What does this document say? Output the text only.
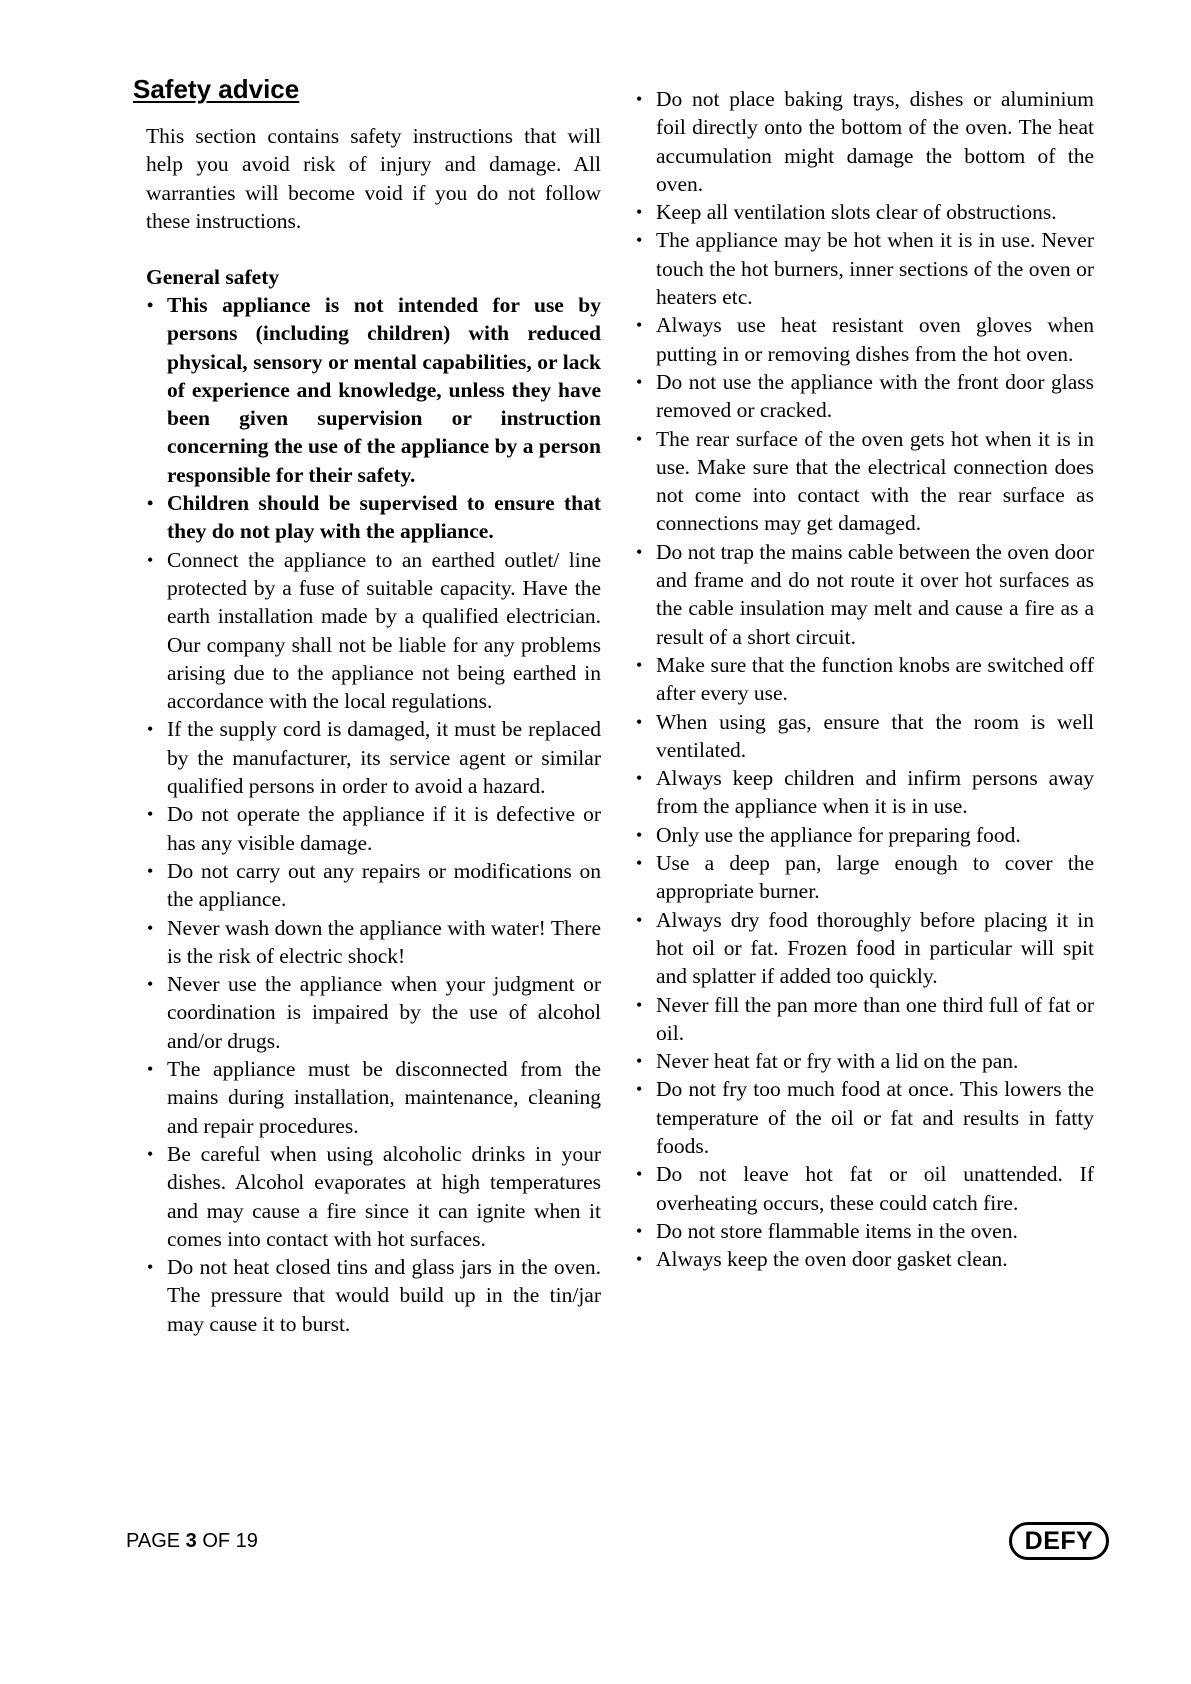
Safety advice

This section contains safety instructions that will help you avoid risk of injury and damage. All warranties will become void if you do not follow these instructions.

General safety

• This appliance is not intended for use by persons (including children) with reduced physical, sensory or mental capabilities, or lack of experience and knowledge, unless they have been given supervision or instruction concerning the use of the appliance by a person responsible for their safety.
• Children should be supervised to ensure that they do not play with the appliance.
• Connect the appliance to an earthed outlet/ line protected by a fuse of suitable capacity. Have the earth installation made by a qualified electrician. Our company shall not be liable for any problems arising due to the appliance not being earthed in accordance with the local regulations.
• If the supply cord is damaged, it must be replaced by the manufacturer, its service agent or similar qualified persons in order to avoid a hazard.
• Do not operate the appliance if it is defective or has any visible damage.
• Do not carry out any repairs or modifications on the appliance.
• Never wash down the appliance with water! There is the risk of electric shock!
• Never use the appliance when your judgment or coordination is impaired by the use of alcohol and/or drugs.
• The appliance must be disconnected from the mains during installation, maintenance, cleaning and repair procedures.
• Be careful when using alcoholic drinks in your dishes. Alcohol evaporates at high temperatures and may cause a fire since it can ignite when it comes into contact with hot surfaces.
• Do not heat closed tins and glass jars in the oven. The pressure that would build up in the tin/jar may cause it to burst.
• Do not place baking trays, dishes or aluminium foil directly onto the bottom of the oven. The heat accumulation might damage the bottom of the oven.
• Keep all ventilation slots clear of obstructions.
• The appliance may be hot when it is in use. Never touch the hot burners, inner sections of the oven or heaters etc.
• Always use heat resistant oven gloves when putting in or removing dishes from the hot oven.
• Do not use the appliance with the front door glass removed or cracked.
• The rear surface of the oven gets hot when it is in use. Make sure that the electrical connection does not come into contact with the rear surface as connections may get damaged.
• Do not trap the mains cable between the oven door and frame and do not route it over hot surfaces as the cable insulation may melt and cause a fire as a result of a short circuit.
• Make sure that the function knobs are switched off after every use.
• When using gas, ensure that the room is well ventilated.
• Always keep children and infirm persons away from the appliance when it is in use.
• Only use the appliance for preparing food.
• Use a deep pan, large enough to cover the appropriate burner.
• Always dry food thoroughly before placing it in hot oil or fat. Frozen food in particular will spit and splatter if added too quickly.
• Never fill the pan more than one third full of fat or oil.
• Never heat fat or fry with a lid on the pan.
• Do not fry too much food at once. This lowers the temperature of the oil or fat and results in fatty foods.
• Do not leave hot fat or oil unattended. If overheating occurs, these could catch fire.
• Do not store flammable items in the oven.
• Always keep the oven door gasket clean.

PAGE 3 OF 19	DEFY
